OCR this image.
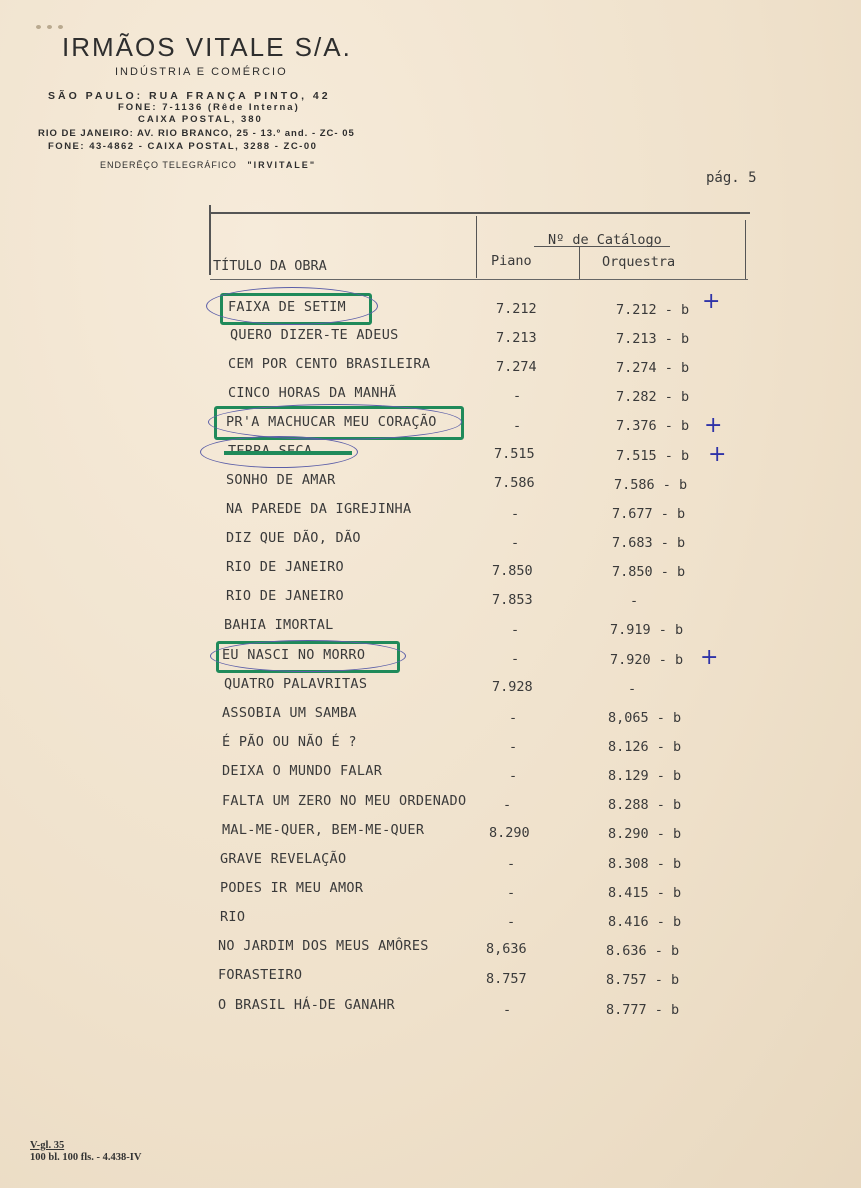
IRMÃOS VITALE S/A.
INDÚSTRIA E COMÉRCIO
SÃO PAULO: RUA FRANÇA PINTO, 42
FONE: 7-1136 (Rêde Interna)
CAIXA POSTAL, 380
RIO DE JANEIRO: AV. RIO BRANCO, 25 - 13.º and. - ZC- 05
FONE: 43-4862 - CAIXA POSTAL, 3288 - ZC-00
ENDERÊÇO TELEGRÁFICO "IRVITALE"
pág. 5
TÍTULO DA OBRA
Nº de Catálogo
Piano	Orquestra
FAIXA DE SETIM	7.212	7.212 - b
QUERO DIZER-TE ADEUS	7.213	7.213 - b
CEM POR CENTO BRASILEIRA	7.274	7.274 - b
CINCO HORAS DA MANHÃ	-	7.282 - b
PR'A MACHUCAR MEU CORAÇÃO	-	7.376 - b
TERRA SECA	7.515	7.515 - b
SONHO DE AMAR	7.586	7.586 - b
NA PAREDE DA IGREJINHA	-	7.677 - b
DIZ QUE DÃO, DÃO	-	7.683 - b
RIO DE JANEIRO	7.850	7.850 - b
RIO DE JANEIRO	7.853	-
BAHIA IMORTAL	-	7.919 - b
EU NASCI NO MORRO	-	7.920 - b
QUATRO PALAVRITAS	7.928	-
ASSOBIA UM SAMBA	-	8,065 - b
É PÃO OU NÃO É ?	-	8.126 - b
DEIXA O MUNDO FALAR	-	8.129 - b
FALTA UM ZERO NO MEU ORDENADO	-	8.288 - b
MAL-ME-QUER, BEM-ME-QUER	8.290	8.290 - b
GRAVE REVELAÇÃO	-	8.308 - b
PODES IR MEU AMOR	-	8.415 - b
RIO	-	8.416 - b
NO JARDIM DOS MEUS AMÔRES	8,636	8.636 - b
FORASTEIRO	8.757	8.757 - b
O BRASIL HÁ-DE GANAHR	-	8.777 - b
+
+
+
+
V-gl. 35
100 bl. 100 fls. - 4.438-IV
